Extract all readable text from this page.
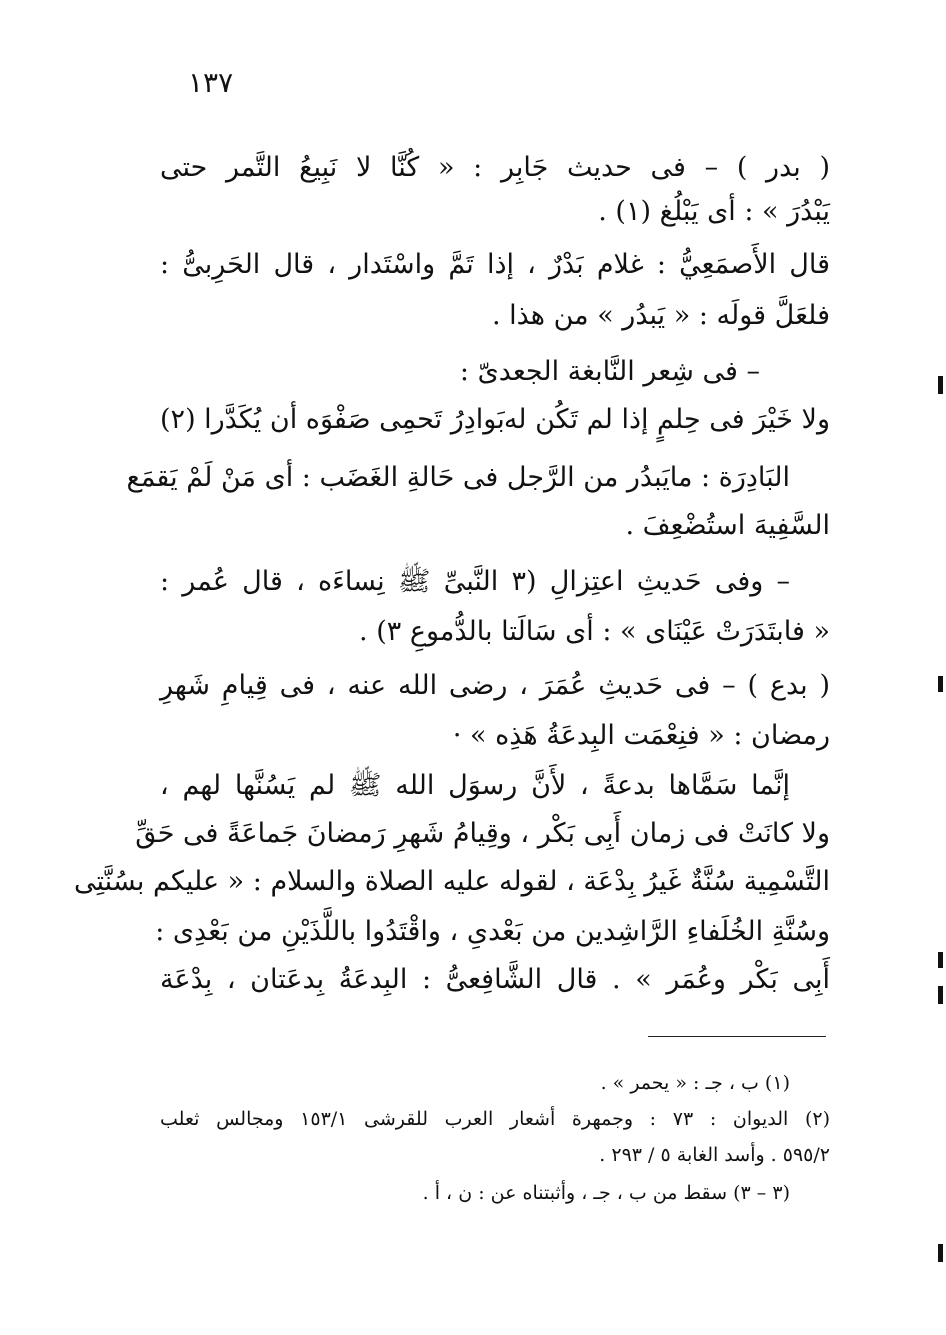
١٣٧
( بدر ) – فى حديث جَابِر : « كُنَّا لا نَبِيعُ التَّمر حتى
يَبْدُرَ » : أى يَبْلُغ (١) .
قال الأَصمَعِيُّ : غلام بَدْرٌ ، إذا تَمَّ واسْتَدار ، قال الحَرِبىُّ :
فلعَلَّ قولَه : « يَبدُر » من هذا .
– فى شِعر النَّابغة الجعدىّ :
ولا خَيْرَ فى حِلمٍ إذا لم تَكُن له
بَوادِرُ تَحمِى صَفْوَه أن يُكَدَّرا (٢)
البَادِرَة : مايَبدُر من الرَّجل فى حَالةِ الغَضَب : أى مَنْ لَمْ يَقمَع
السَّفِيهَ استُضْعِفَ .
– وفى حَديثِ اعتِزالِ (٣ النَّبىِّ ﷺ نِساءَه ، قال عُمر :
« فابتَدَرَتْ عَيْنَاى » : أى سَالَتا بالدُّموعِ ٣) .
( بدع ) – فى حَديثِ عُمَرَ ، رضى الله عنه ، فى قِيامِ شَهرِ
رمضان : « فنِعْمَت البِدعَةُ هَذِه » ·
إنَّما سَمَّاها بدعةً ، لأَنَّ رسوَل الله ﷺ لم يَسُنَّها لهم ،
ولا كانَتْ فى زمان أَبِى بَكْر ، وقِيامُ شَهرِ رَمضانَ جَماعَةً فى حَقِّ
التَّسْمِية سُنَّةٌ غَيرُ بِدْعَة ، لقوله عليه الصلاة والسلام : « عليكم بسُنَّتِى
وسُنَّةِ الخُلَفاءِ الرَّاشِدين من بَعْدىِ ، واقْتَدُوا باللَّذَيْنِ من بَعْدِى :
أَبِى بَكْر وعُمَر » . قال الشَّافِعىُّ : البِدعَةُ بِدعَتان ، بِدْعَة
(١) ب ، جـ : « يحمر » .
(٢) الديوان : ٧٣ : وجمهرة أشعار العرب للقرشى ١٥٣/١ ومجالس ثعلب
٥٩٥/٢ . وأسد الغابة ٥ / ٢٩٣ .
(٣ – ٣) سقط من ب ، جـ ، وأثبتناه عن : ن ، أ .
